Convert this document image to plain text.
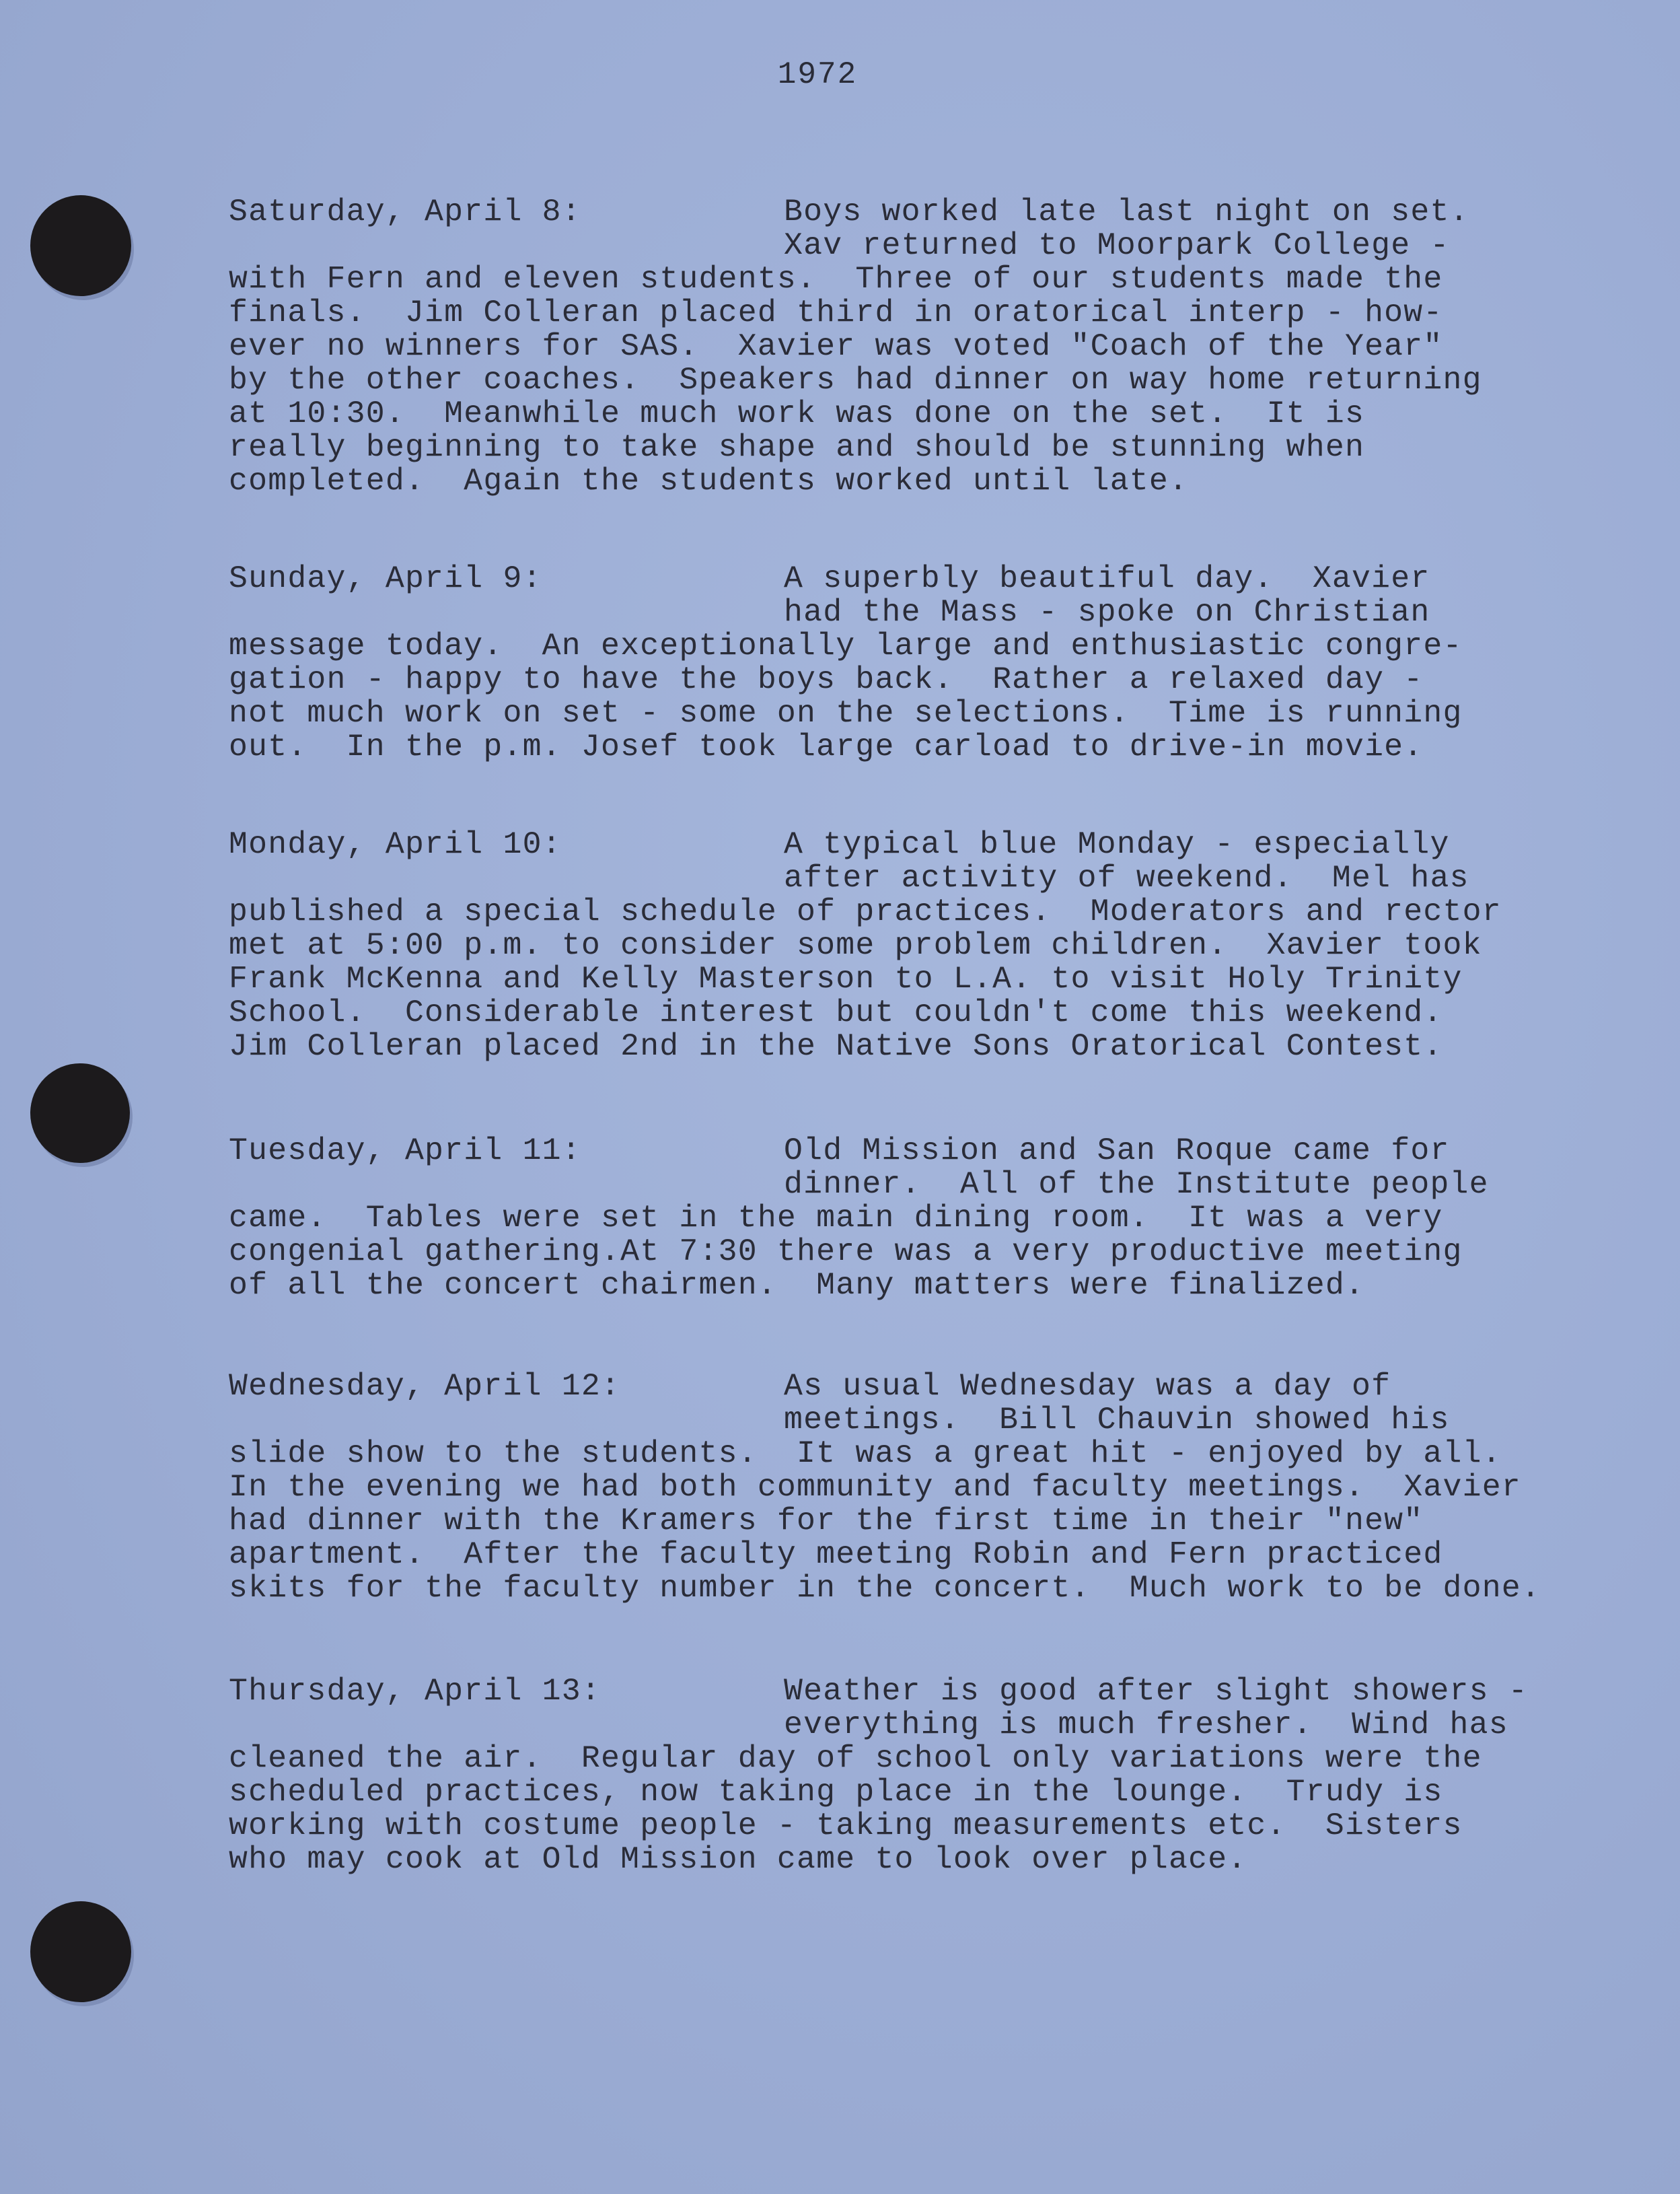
1972
Saturday, April 8:	Boys worked late last night on set.
Xav returned to Moorpark College -
with Fern and eleven students.  Three of our students made the
finals.  Jim Colleran placed third in oratorical interp - how-
ever no winners for SAS.  Xavier was voted "Coach of the Year"
by the other coaches.  Speakers had dinner on way home returning
at 10:30.  Meanwhile much work was done on the set.  It is
really beginning to take shape and should be stunning when
completed.  Again the students worked until late.
Sunday, April 9:	A superbly beautiful day.  Xavier
had the Mass - spoke on Christian
message today.  An exceptionally large and enthusiastic congre-
gation - happy to have the boys back.  Rather a relaxed day -
not much work on set - some on the selections.  Time is running
out.  In the p.m. Josef took large carload to drive-in movie.
Monday, April 10:	A typical blue Monday - especially
after activity of weekend.  Mel has
published a special schedule of practices.  Moderators and rector
met at 5:00 p.m. to consider some problem children.  Xavier took
Frank McKenna and Kelly Masterson to L.A. to visit Holy Trinity
School.  Considerable interest but couldn't come this weekend.
Jim Colleran placed 2nd in the Native Sons Oratorical Contest.
Tuesday, April 11:	Old Mission and San Roque came for
dinner.  All of the Institute people
came.  Tables were set in the main dining room.  It was a very
congenial gathering.At 7:30 there was a very productive meeting
of all the concert chairmen.  Many matters were finalized.
Wednesday, April 12:	As usual Wednesday was a day of
meetings.  Bill Chauvin showed his
slide show to the students.  It was a great hit - enjoyed by all.
In the evening we had both community and faculty meetings.  Xavier
had dinner with the Kramers for the first time in their "new"
apartment.  After the faculty meeting Robin and Fern practiced
skits for the faculty number in the concert.  Much work to be done.
Thursday, April 13:	Weather is good after slight showers -
everything is much fresher.  Wind has
cleaned the air.  Regular day of school only variations were the
scheduled practices, now taking place in the lounge.  Trudy is
working with costume people - taking measurements etc.  Sisters
who may cook at Old Mission came to look over place.
